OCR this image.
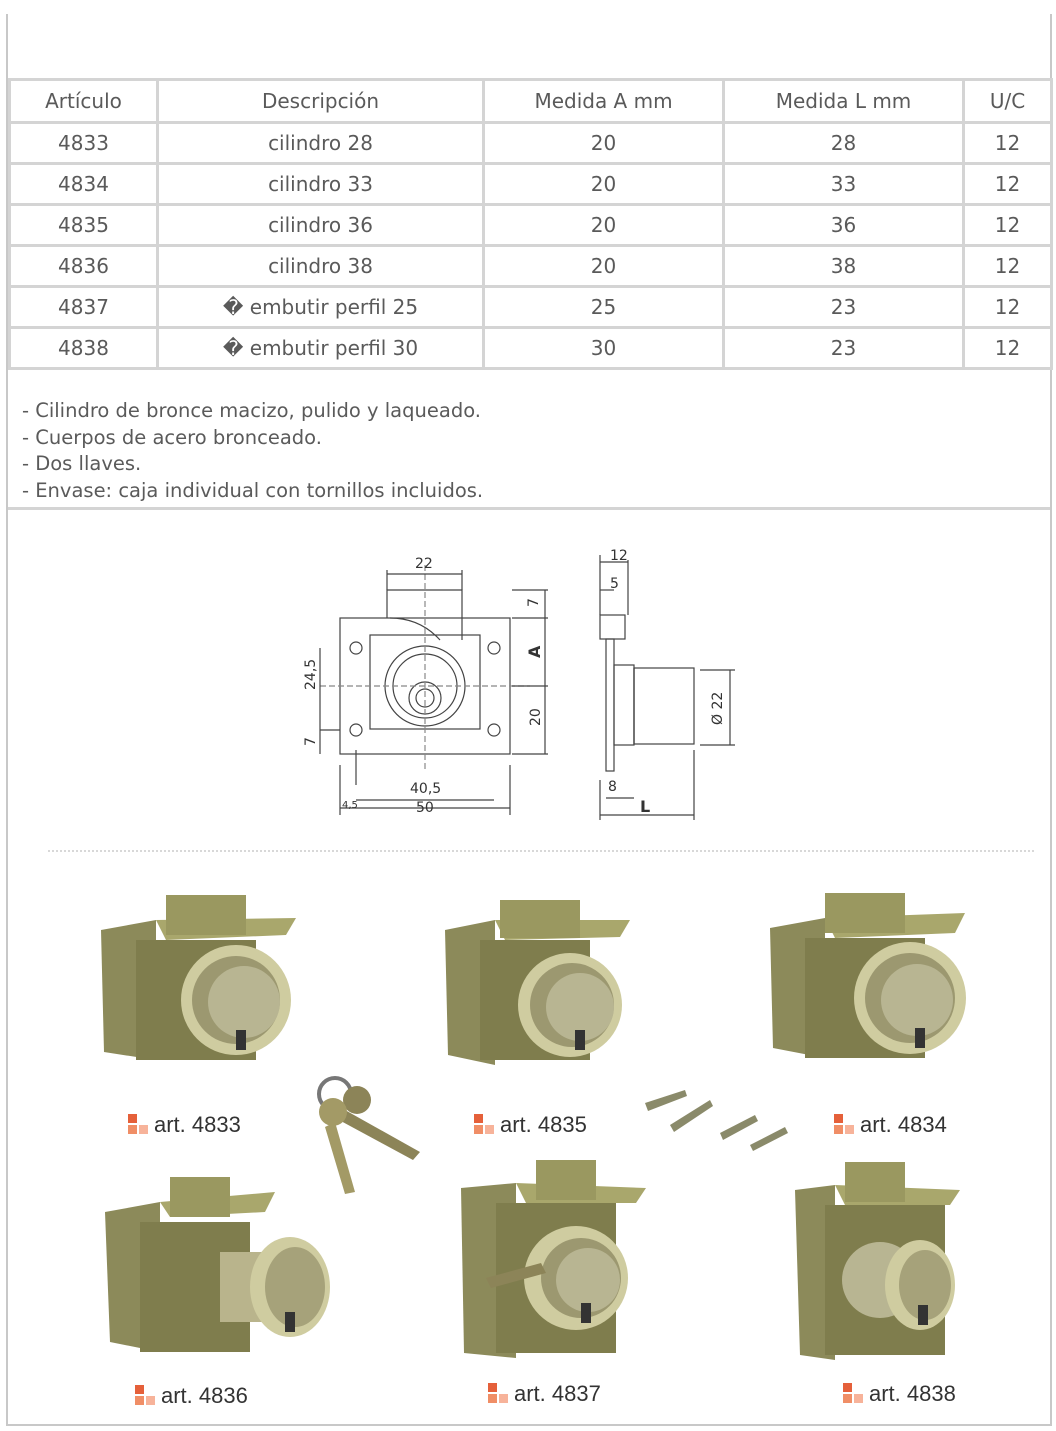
Artículo	Descripción	Medida A mm	Medida L mm	U/C
4833	cilindro 28	20	28	12
4834	cilindro 33	20	33	12
4835	cilindro 36	20	36	12
4836	cilindro 38	20	38	12
4837	� embutir perfil 25	25	23	12
4838	� embutir perfil 30	30	23	12
- Cilindro de bronce macizo, pulido y laqueado.
- Cuerpos de acero bronceado.
- Dos llaves.
- Envase: caja individual con tornillos incluidos.
22
7
A
20
24,5
7
40,5
50
4,5
12
5
Ø 22
8
L
art. 4833	art. 4835	art. 4834
art. 4836	art. 4837	art. 4838
